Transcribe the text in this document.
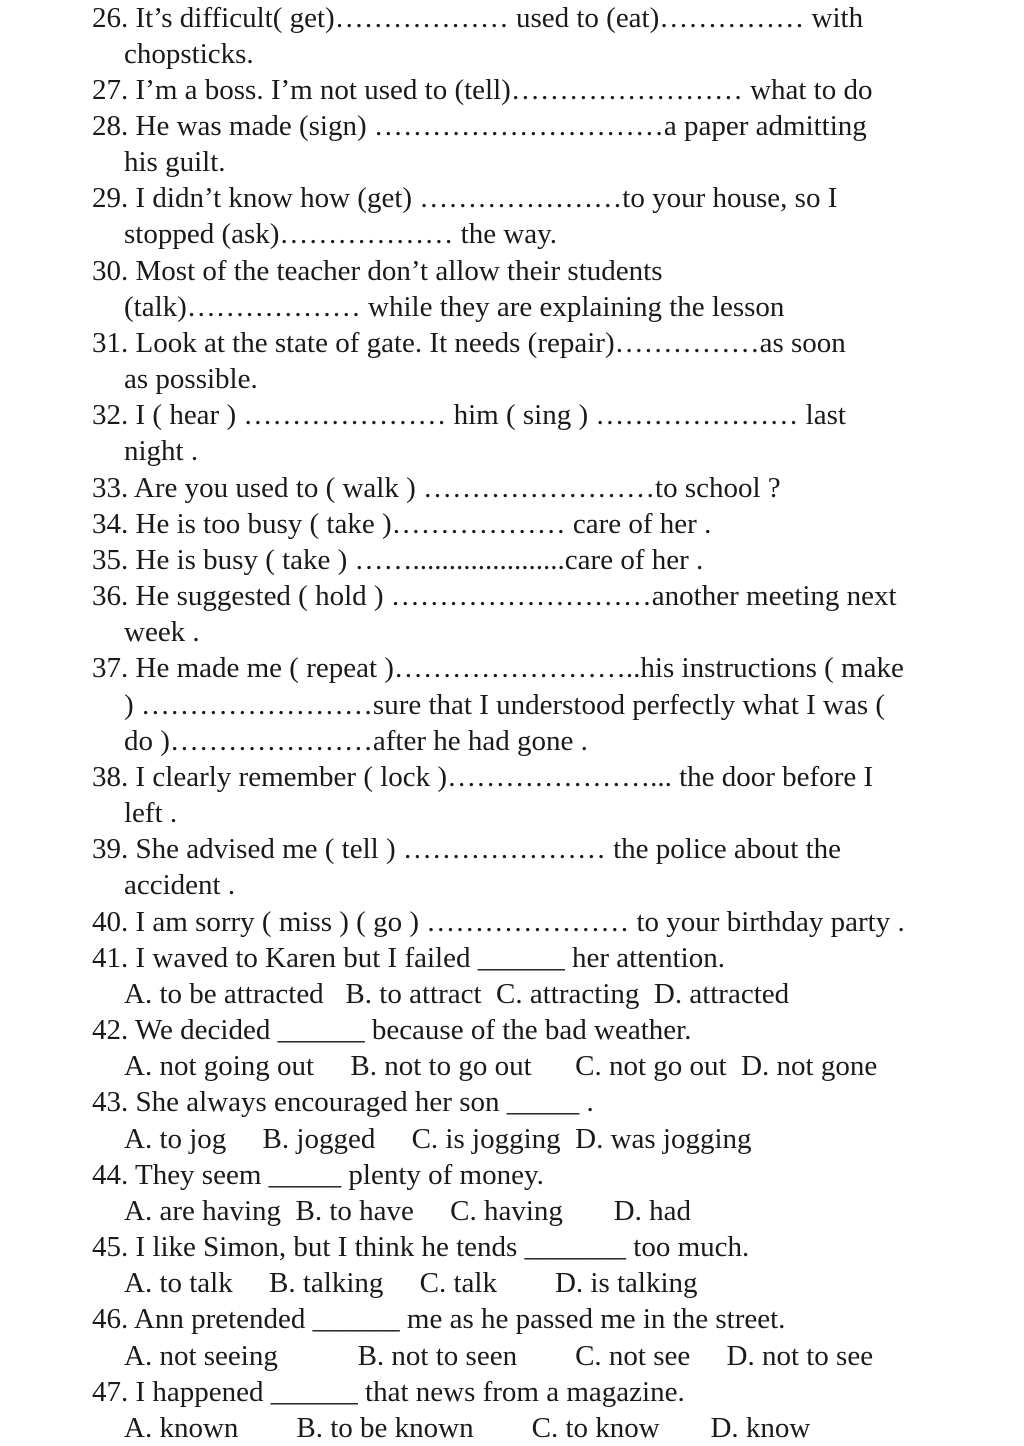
26. It’s difficult( get)……………… used to (eat)…………… with
chopsticks.
27. I’m a boss. I’m not used to (tell)…………………… what to do
28. He was made (sign) …………………………a paper admitting
his guilt.
29. I didn’t know how (get) …………………to your house, so I
stopped (ask)……………… the way.
30. Most of the teacher don’t allow their students
(talk)……………… while they are explaining the lesson
31. Look at the state of gate. It needs (repair)……………as soon
as possible.
32. I ( hear ) ………………… him ( sing ) ………………… last
night .
33. Are you used to ( walk ) ……………………to school ?
34. He is too busy ( take )……………… care of her .
35. He is busy ( take ) …….....................care of her .
36. He suggested ( hold ) ………………………another meeting next
week .
37. He made me ( repeat )……………………..his instructions ( make
) ……………………sure that I understood perfectly what I was (
do )…………………after he had gone .
38. I clearly remember ( lock )…………………... the door before I
left .
39. She advised me ( tell ) ………………… the police about the
accident .
40. I am sorry ( miss ) ( go ) ………………… to your birthday party .
41. I waved to Karen but I failed ______ her attention.
A. to be attracted   B. to attract  C. attracting  D. attracted
42. We decided ______ because of the bad weather.
A. not going out     B. not to go out      C. not go out  D. not gone
43. She always encouraged her son _____ .
A. to jog     B. jogged     C. is jogging  D. was jogging
44. They seem _____ plenty of money.
A. are having  B. to have     C. having       D. had
45. I like Simon, but I think he tends _______ too much.
A. to talk     B. talking     C. talk        D. is talking
46. Ann pretended ______ me as he passed me in the street.
A. not seeing           B. not to seen        C. not see     D. not to see
47. I happened ______ that news from a magazine.
A. known        B. to be known        C. to know       D. know
